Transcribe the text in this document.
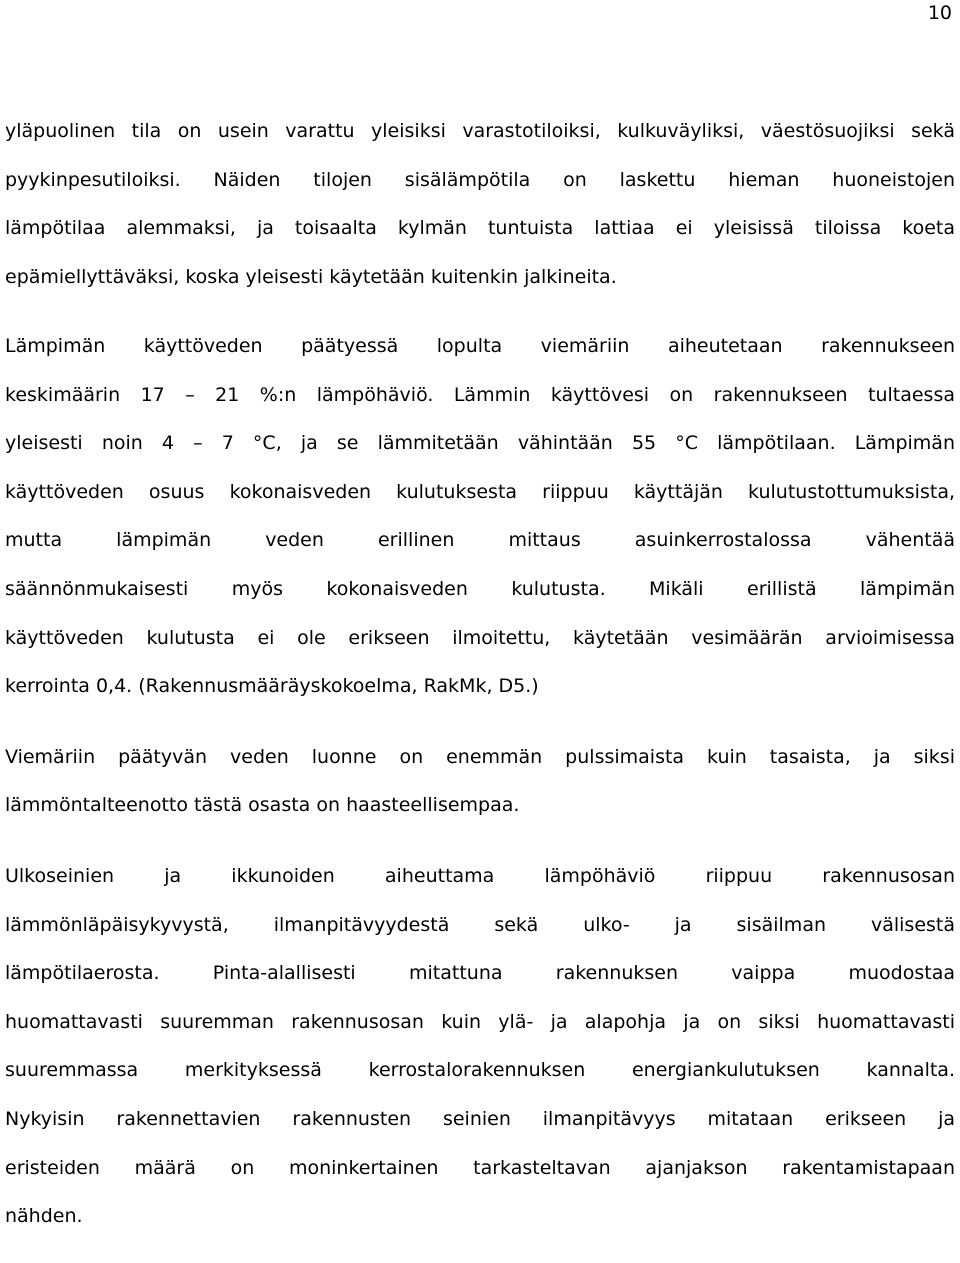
10

yläpuolinen tila on usein varattu yleisiksi varastotiloiksi, kulkuväyliksi, väestösuojiksi sekä
pyykinpesutiloiksi. Näiden tilojen sisälämpötila on laskettu hieman huoneistojen
lämpötilaa alemmaksi, ja toisaalta kylmän tuntuista lattiaa ei yleisissä tiloissa koeta
epämiellyttäväksi, koska yleisesti käytetään kuitenkin jalkineita.

Lämpimän käyttöveden päätyessä lopulta viemäriin aiheutetaan rakennukseen
keskimäärin 17 – 21 %:n lämpöhäviö. Lämmin käyttövesi on rakennukseen tultaessa
yleisesti noin 4 – 7 °C, ja se lämmitetään vähintään 55 °C lämpötilaan. Lämpimän
käyttöveden osuus kokonaisveden kulutuksesta riippuu käyttäjän kulutustottumuksista,
mutta lämpimän veden erillinen mittaus asuinkerrostalossa vähentää
säännönmukaisesti myös kokonaisveden kulutusta. Mikäli erillistä lämpimän
käyttöveden kulutusta ei ole erikseen ilmoitettu, käytetään vesimäärän arvioimisessa
kerrointa 0,4. (Rakennusmääräyskokoelma, RakMk, D5.)

Viemäriin päätyvän veden luonne on enemmän pulssimaista kuin tasaista, ja siksi
lämmöntalteenotto tästä osasta on haasteellisempaa.

Ulkoseinien ja ikkunoiden aiheuttama lämpöhäviö riippuu rakennusosan
lämmönläpäisykyvystä, ilmanpitävyydestä sekä ulko- ja sisäilman välisestä
lämpötilaerosta. Pinta-alallisesti mitattuna rakennuksen vaippa muodostaa
huomattavasti suuremman rakennusosan kuin ylä- ja alapohja ja on siksi huomattavasti
suuremmassa merkityksessä kerrostalorakennuksen energiankulutuksen kannalta.
Nykyisin rakennettavien rakennusten seinien ilmanpitävyys mitataan erikseen ja
eristeiden määrä on moninkertainen tarkasteltavan ajanjakson rakentamistapaan
nähden.
